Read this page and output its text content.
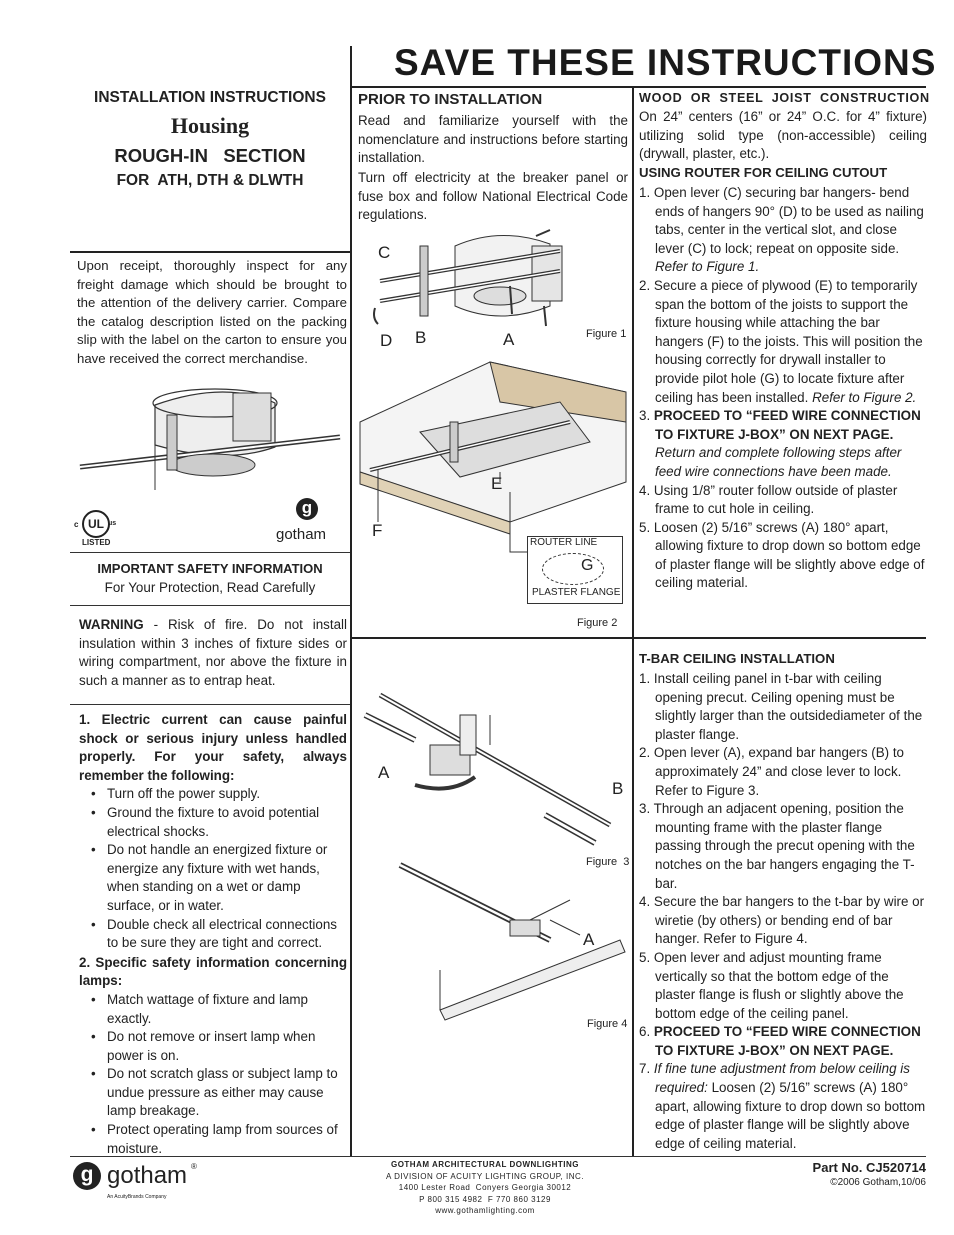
SAVE THESE INSTRUCTIONS
INSTALLATION INSTRUCTIONS
Housing
ROUGH-IN   SECTION
FOR  ATH, DTH & DLWTH
Upon receipt, thoroughly inspect for any freight damage which should be brought to the attention of the delivery carrier. Compare the catalog description listed on the packing slip with the label on the carton to ensure you have received the correct merchandise.
UL
c	us
LISTED
g
gotham
IMPORTANT SAFETY INFORMATION
For Your Protection, Read Carefully
WARNING - Risk of fire. Do not install insulation within 3 inches of fixture sides or wiring compartment, nor above the fixture in such a manner as to entrap heat.
1. Electric current can cause painful shock or serious injury unless handled properly. For your safety, always remember the following:
• Turn off the power supply.
• Ground the fixture to avoid potential electrical shocks.
• Do not handle an energized fixture or energize any fixture with wet hands, when standing on a wet or damp surface, or in water.
• Double check all electrical connections to be sure they are tight and correct.
2. Specific safety information concerning lamps:
• Match wattage of fixture and lamp exactly.
• Do not remove or insert lamp when power is on.
• Do not scratch glass or subject lamp to undue pressure as either may cause lamp breakage.
• Protect operating lamp from sources of moisture.
PRIOR TO INSTALLATION
Read and familiarize yourself with the nomenclature and instructions before starting installation.
Turn off electricity at the breaker panel or fuse box and follow National Electrical Code regulations.
C
B	A
D	Figure 1
E
F
ROUTER LINE
G
PLASTER FLANGE
Figure 2
A
B
Figure  3
A
Figure 4
WOOD  OR  STEEL  JOIST  CONSTRUCTION
On 24” centers (16” or 24” O.C. for 4” fixture) utilizing solid type (non-accessible) ceiling (drywall, plaster, etc.).
USING ROUTER FOR CEILING CUTOUT
1. Open lever (C) securing bar hangers- bend ends of hangers 90° (D) to be used as nailing tabs, center in the vertical slot, and close lever (C) to lock; repeat on opposite side. Refer to Figure 1.
2. Secure a piece of plywood (E) to temporarily span the bottom of the joists to support the fixture housing while attaching the bar hangers (F) to the joists. This will position the housing correctly for drywall installer to provide pilot hole (G) to locate fixture after ceiling has been installed. Refer to Figure 2.
3. PROCEED TO “FEED WIRE CONNECTION TO FIXTURE J-BOX” ON NEXT PAGE. Return and complete following steps after feed wire connections have been made.
4. Using 1/8” router follow outside of plaster frame to cut hole in ceiling.
5. Loosen (2) 5/16” screws (A) 180° apart, allowing fixture to drop down so bottom edge of plaster flange will be slightly above edge of ceiling material.
T-BAR CEILING INSTALLATION
1. Install ceiling panel in t-bar with ceiling opening precut. Ceiling opening must be slightly larger than the outsidediameter of the plaster flange.
2. Open lever (A), expand bar hangers (B) to approximately 24” and close lever to lock. Refer to Figure 3.
3. Through an adjacent opening, position the mounting frame with the plaster flange passing through the precut opening with the notches on the bar hangers engaging the T-bar.
4. Secure the bar hangers to the t-bar by wire or wiretie (by others) or bending end of bar hanger. Refer to Figure 4.
5. Open lever and adjust mounting frame vertically so that the bottom edge of the plaster flange is flush or slightly above the bottom edge of the ceiling panel.
6. PROCEED TO “FEED WIRE CONNECTION TO FIXTURE J-BOX” ON NEXT PAGE.
7. If fine tune adjustment from below ceiling is required: Loosen (2) 5/16” screws (A) 180° apart, allowing fixture to drop down so bottom edge of plaster flange will be slightly above edge of ceiling material.
g gotham ®
An AcuityBrands Company
GOTHAM ARCHITECTURAL DOWNLIGHTING
A DIVISION OF ACUITY LIGHTING GROUP, INC.
1400 Lester Road  Conyers Georgia 30012
P 800 315 4982  F 770 860 3129
www.gothamlighting.com
Part No. CJ520714
©2006 Gotham,10/06
